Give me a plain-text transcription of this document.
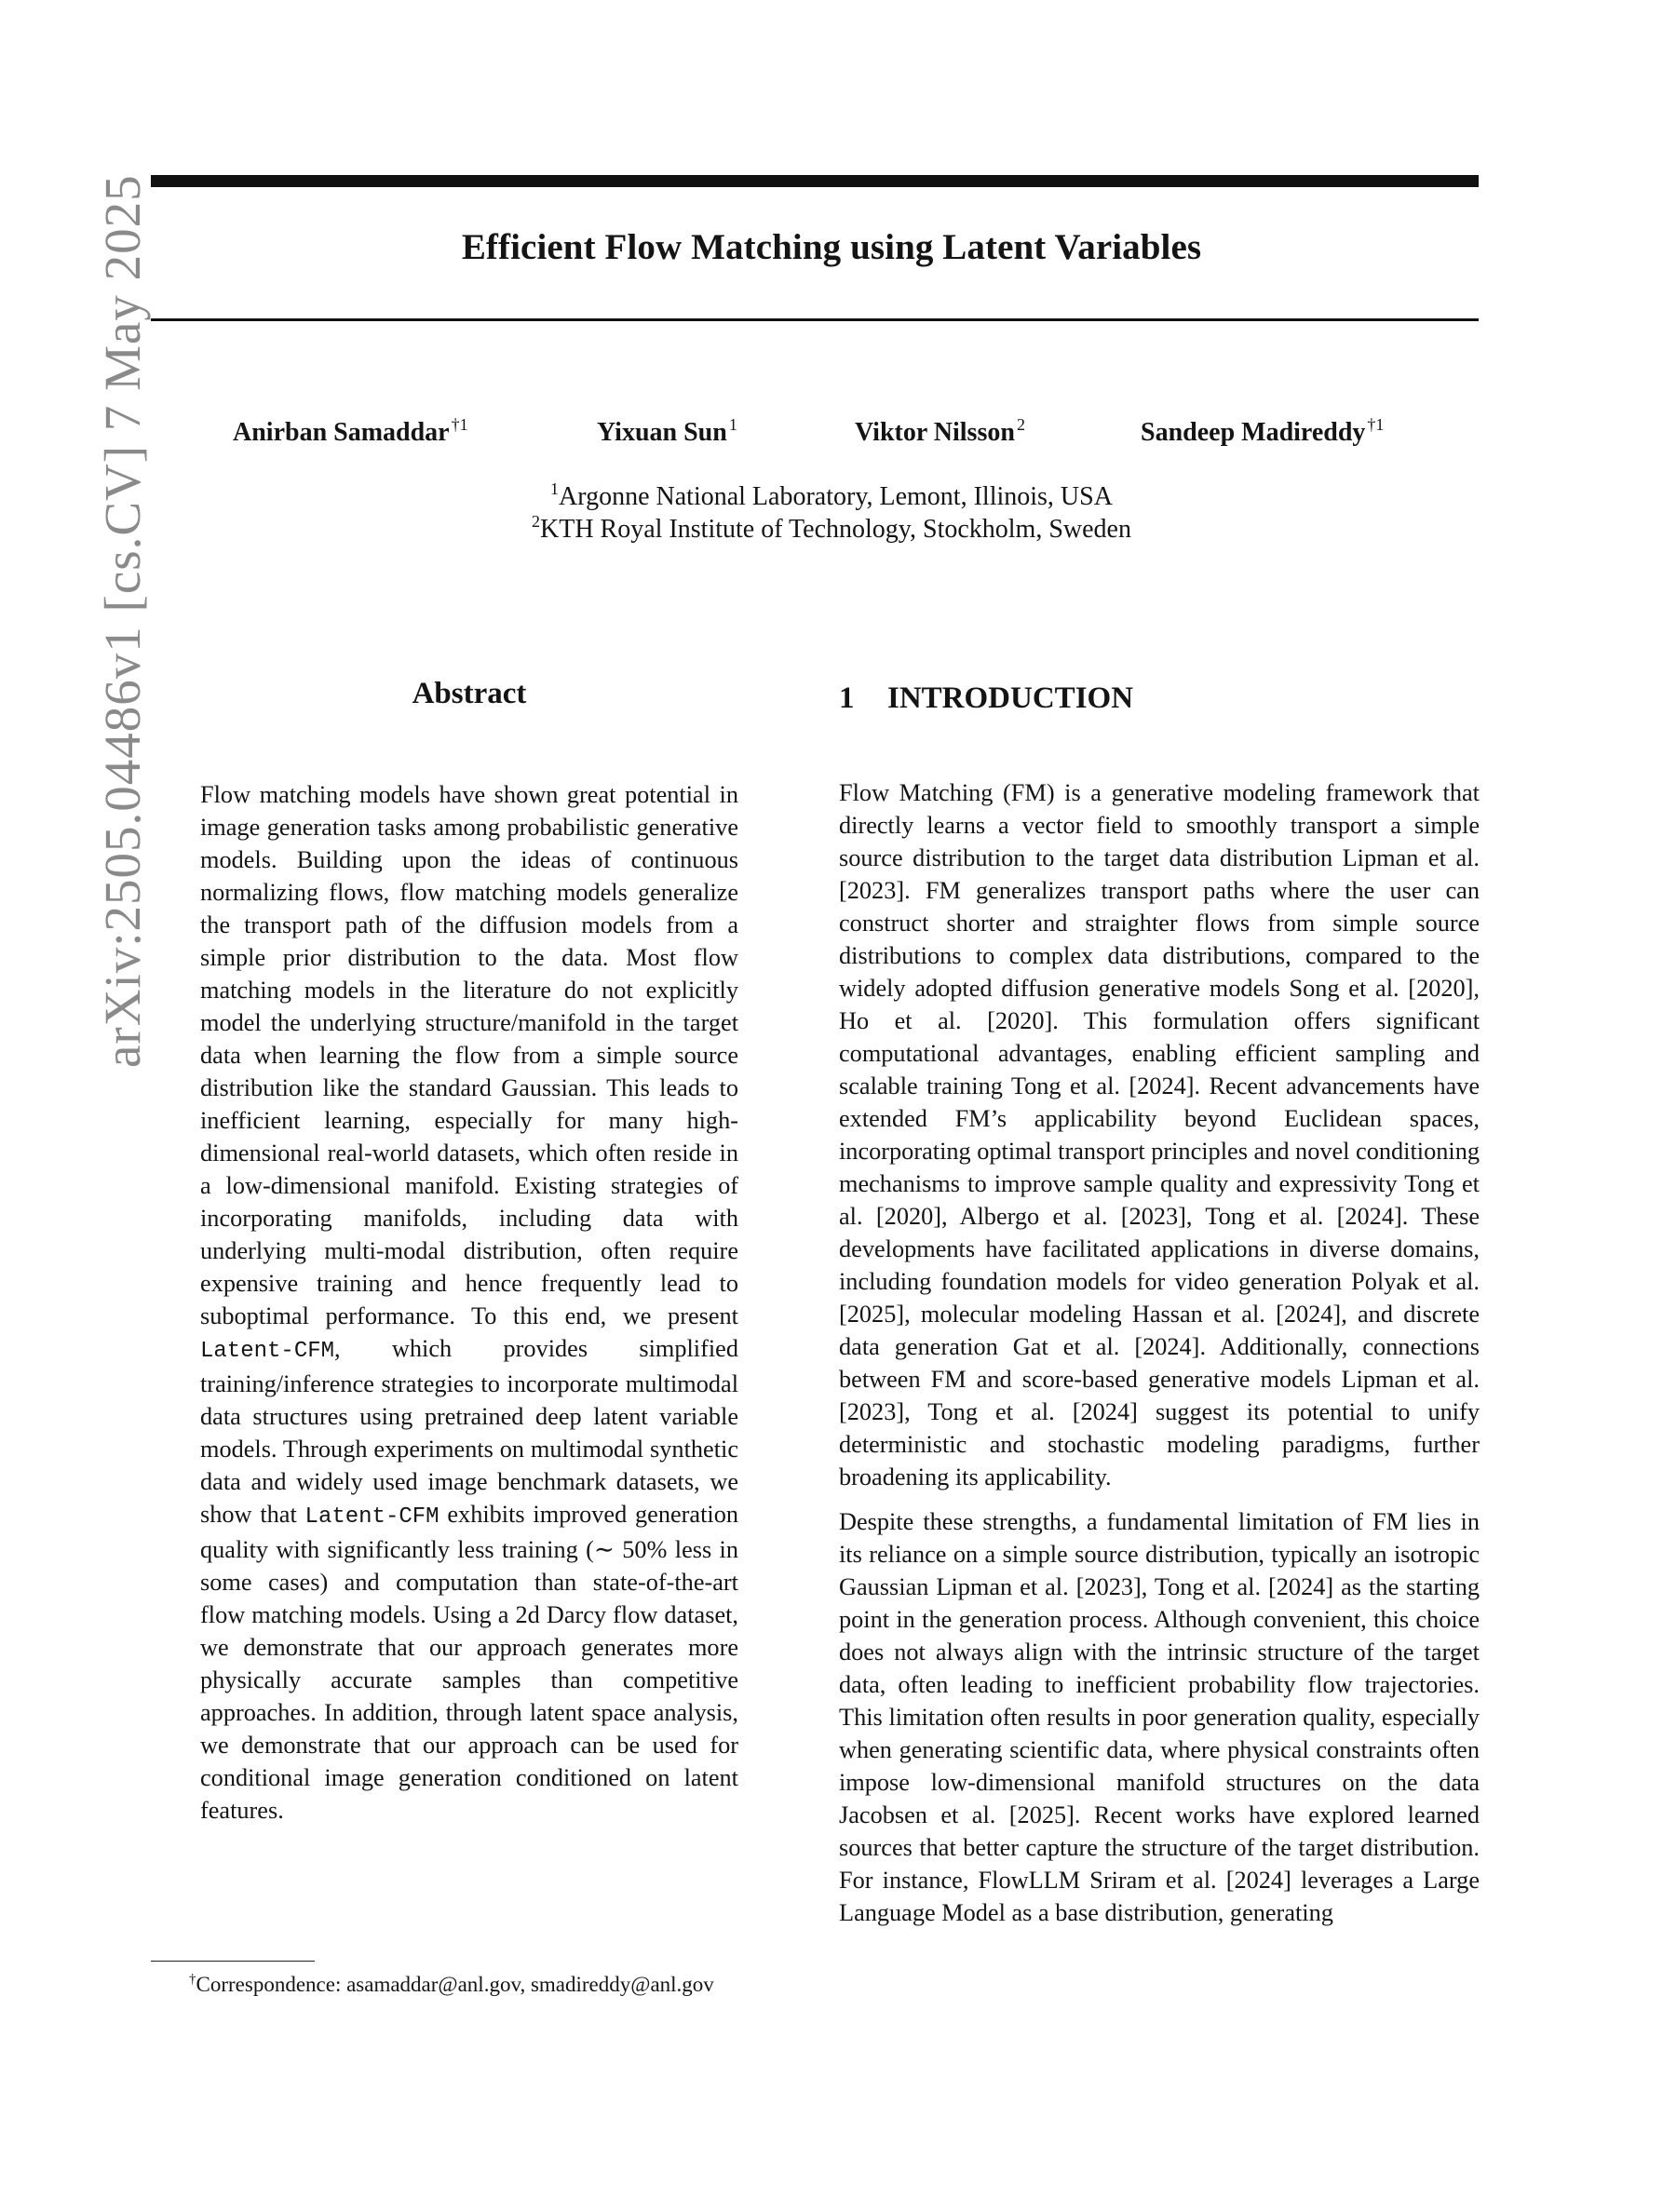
Efficient Flow Matching using Latent Variables
Anirban Samaddar $^{\dagger 1}$	Yixuan Sun $^1$	Viktor Nilsson $^2$	Sandeep Madireddy $^{\dagger 1}$
$^1$Argonne National Laboratory, Lemont, Illinois, USA
$^2$KTH Royal Institute of Technology, Stockholm, Sweden
arXiv:2505.04486v1 [cs.CV] 7 May 2025	Abstract
Flow matching models have shown great potential in image generation tasks among probabilistic generative models. Building upon the ideas of continuous normalizing flows, flow matching models generalize the transport path of the diffusion models from a simple prior distribution to the data. Most flow matching models in the literature do not explicitly model the underlying structure/manifold in the target data when learning the flow from a simple source distribution like the standard Gaussian. This leads to inefficient learning, especially for many high-dimensional real-world datasets, which often reside in a low-dimensional manifold. Existing strategies of incorporating manifolds, including data with underlying multi-modal distribution, often require expensive training and hence frequently lead to suboptimal performance. To this end, we present Latent-CFM, which provides simplified training/inference strategies to incorporate multimodal data structures using pretrained deep latent variable models. Through experiments on multimodal synthetic data and widely used image benchmark datasets, we show that Latent-CFM exhibits improved generation quality with significantly less training (∼ 50% less in some cases) and computation than state-of-the-art flow matching models. Using a 2d Darcy flow dataset, we demonstrate that our approach generates more physically accurate samples than competitive approaches. In addition, through latent space analysis, we demonstrate that our approach can be used for conditional image generation conditioned on latent features.
1 INTRODUCTION

Flow Matching (FM) is a generative modeling framework that directly learns a vector field to smoothly transport a simple source distribution to the target data distribution Lipman et al. [2023]. FM generalizes transport paths where the user can construct shorter and straighter flows from simple source distributions to complex data distributions, compared to the widely adopted diffusion generative models Song et al. [2020], Ho et al. [2020]. This formulation offers significant computational advantages, enabling efficient sampling and scalable training Tong et al. [2024]. Recent advancements have extended FM’s applicability beyond Euclidean spaces, incorporating optimal transport principles and novel conditioning mechanisms to improve sample quality and expressivity Tong et al. [2020], Albergo et al. [2023], Tong et al. [2024]. These developments have facilitated applications in diverse domains, including foundation models for video generation Polyak et al. [2025], molecular modeling Hassan et al. [2024], and discrete data generation Gat et al. [2024]. Additionally, connections between FM and score-based generative models Lipman et al. [2023], Tong et al. [2024] suggest its potential to unify deterministic and stochastic modeling paradigms, further broadening its applicability.

Despite these strengths, a fundamental limitation of FM lies in its reliance on a simple source distribution, typically an isotropic Gaussian Lipman et al. [2023], Tong et al. [2024] as the starting point in the generation process. Although convenient, this choice does not always align with the intrinsic structure of the target data, often leading to inefficient probability flow trajectories. This limitation often results in poor generation quality, especially when generating scientific data, where physical constraints often impose low-dimensional manifold structures on the data Jacobsen et al. [2025]. Recent works have explored learned sources that better capture the structure of the target distribution. For instance, FlowLLM Sriram et al. [2024] leverages a Large Language Model as a base distribution, generating

†Correspondence: asamaddar@anl.gov, smadireddy@anl.gov
